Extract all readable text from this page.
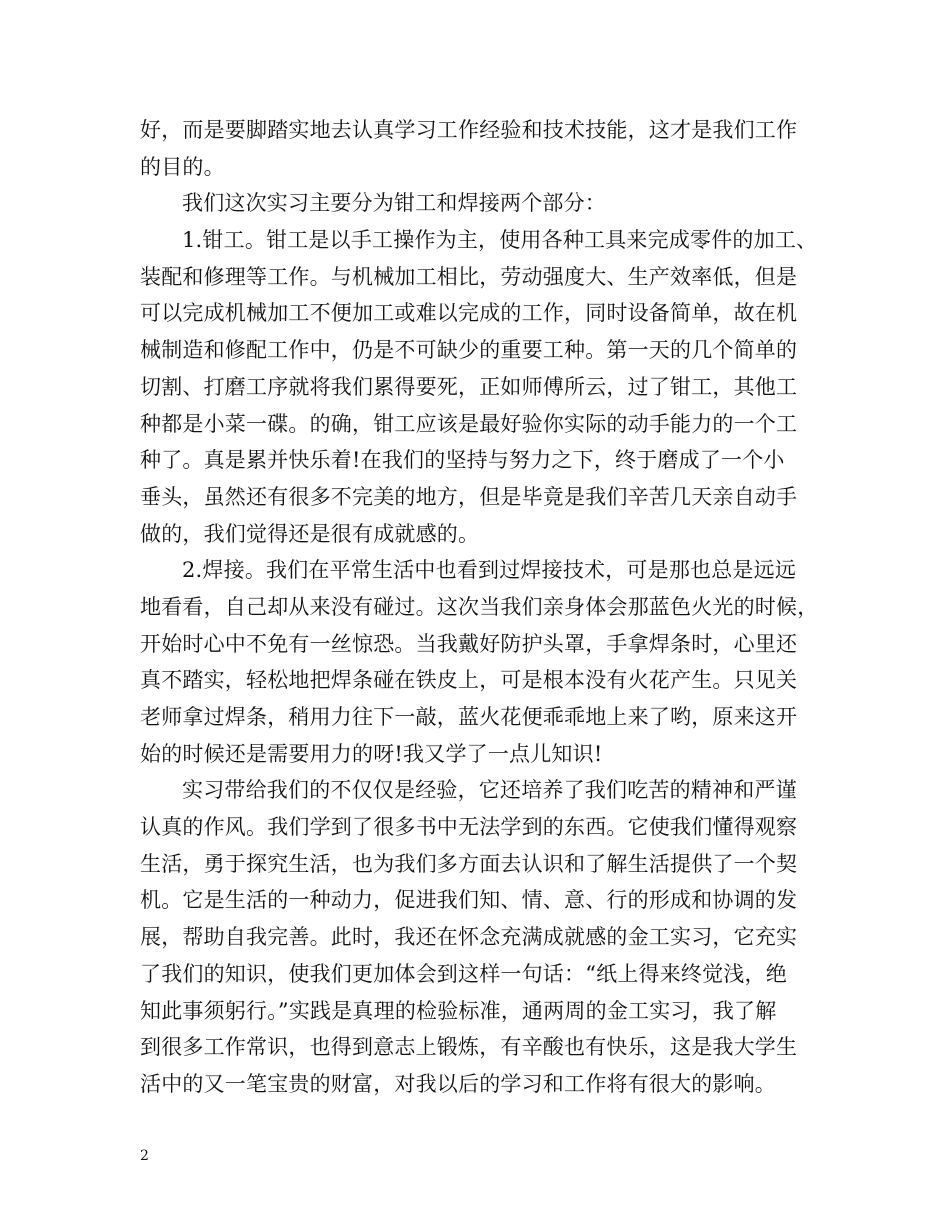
好，而是要脚踏实地去认真学习工作经验和技术技能，这才是我们工作
的目的。
我们这次实习主要分为钳工和焊接两个部分：
1.钳工。钳工是以手工操作为主，使用各种工具来完成零件的加工、
装配和修理等工作。与机械加工相比，劳动强度大、生产效率低，但是
可以完成机械加工不便加工或难以完成的工作，同时设备简单，故在机
械制造和修配工作中，仍是不可缺少的重要工种。第一天的几个简单的
切割、打磨工序就将我们累得要死，正如师傅所云，过了钳工，其他工
种都是小菜一碟。的确，钳工应该是最好验你实际的动手能力的一个工
种了。真是累并快乐着!在我们的坚持与努力之下，终于磨成了一个小
垂头，虽然还有很多不完美的地方，但是毕竟是我们辛苦几天亲自动手
做的，我们觉得还是很有成就感的。
2.焊接。我们在平常生活中也看到过焊接技术，可是那也总是远远
地看看，自己却从来没有碰过。这次当我们亲身体会那蓝色火光的时候，
开始时心中不免有一丝惊恐。当我戴好防护头罩，手拿焊条时，心里还
真不踏实，轻松地把焊条碰在铁皮上，可是根本没有火花产生。只见关
老师拿过焊条，稍用力往下一敲，蓝火花便乖乖地上来了哟，原来这开
始的时候还是需要用力的呀!我又学了一点儿知识!
实习带给我们的不仅仅是经验，它还培养了我们吃苦的精神和严谨
认真的作风。我们学到了很多书中无法学到的东西。它使我们懂得观察
生活，勇于探究生活，也为我们多方面去认识和了解生活提供了一个契
机。它是生活的一种动力，促进我们知、情、意、行的形成和协调的发
展，帮助自我完善。此时，我还在怀念充满成就感的金工实习，它充实
了我们的知识，使我们更加体会到这样一句话：“纸上得来终觉浅，绝
知此事须躬行。”实践是真理的检验标准，通两周的金工实习，我了解
到很多工作常识，也得到意志上锻炼，有辛酸也有快乐，这是我大学生
活中的又一笔宝贵的财富，对我以后的学习和工作将有很大的影响。
2
